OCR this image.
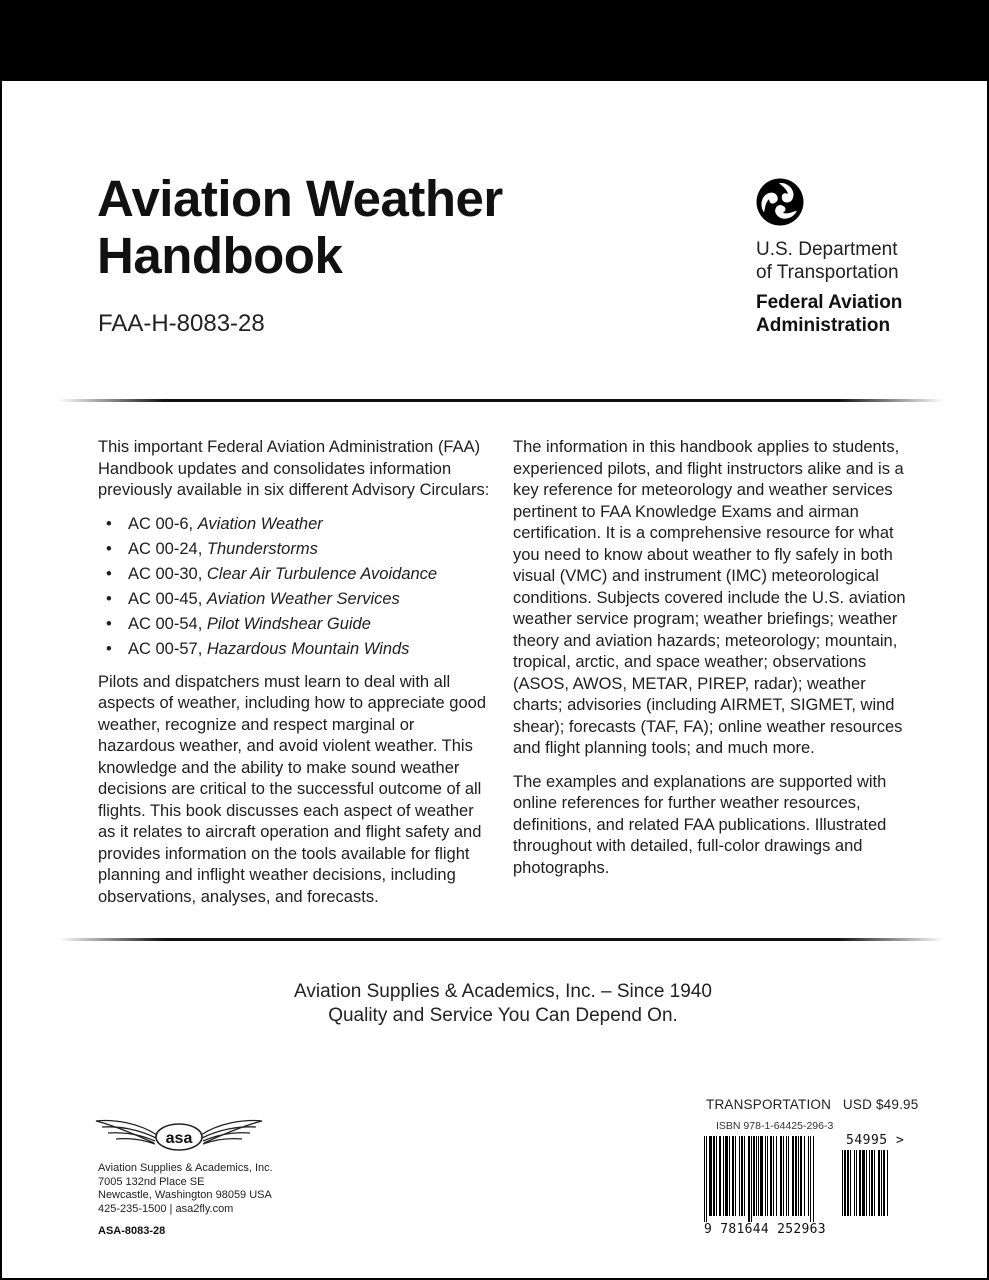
Aviation Weather
Handbook
FAA-H-8083-28
U.S. Department
of Transportation
Federal Aviation
Administration

This important Federal Aviation Administration (FAA) Handbook updates and consolidates information previously available in six different Advisory Circulars:

• AC 00-6, Aviation Weather
• AC 00-24, Thunderstorms
• AC 00-30, Clear Air Turbulence Avoidance
• AC 00-45, Aviation Weather Services
• AC 00-54, Pilot Windshear Guide
• AC 00-57, Hazardous Mountain Winds

Pilots and dispatchers must learn to deal with all aspects of weather, including how to appreciate good weather, recognize and respect marginal or hazardous weather, and avoid violent weather. This knowledge and the ability to make sound weather decisions are critical to the successful outcome of all flights. This book discusses each aspect of weather as it relates to aircraft operation and flight safety and provides information on the tools available for flight planning and inflight weather decisions, including observations, analyses, and forecasts.

The information in this handbook applies to students, experienced pilots, and flight instructors alike and is a key reference for meteorology and weather services pertinent to FAA Knowledge Exams and airman certification. It is a comprehensive resource for what you need to know about weather to fly safely in both visual (VMC) and instrument (IMC) meteorological conditions. Subjects covered include the U.S. aviation weather service program; weather briefings; weather theory and aviation hazards; meteorology; mountain, tropical, arctic, and space weather; observations (ASOS, AWOS, METAR, PIREP, radar); weather charts; advisories (including AIRMET, SIGMET, wind shear); forecasts (TAF, FA); online weather resources and flight planning tools; and much more.

The examples and explanations are supported with online references for further weather resources, definitions, and related FAA publications. Illustrated throughout with detailed, full-color drawings and photographs.

Aviation Supplies & Academics, Inc. – Since 1940
Quality and Service You Can Depend On.
asa
Aviation Supplies & Academics, Inc.
7005 132nd Place SE
Newcastle, Washington 98059 USA
425-235-1500 | asa2fly.com
ASA-8083-28
TRANSPORTATION USD $49.95
ISBN 978-1-64425-296-3
54995 >
9 781644 252963
